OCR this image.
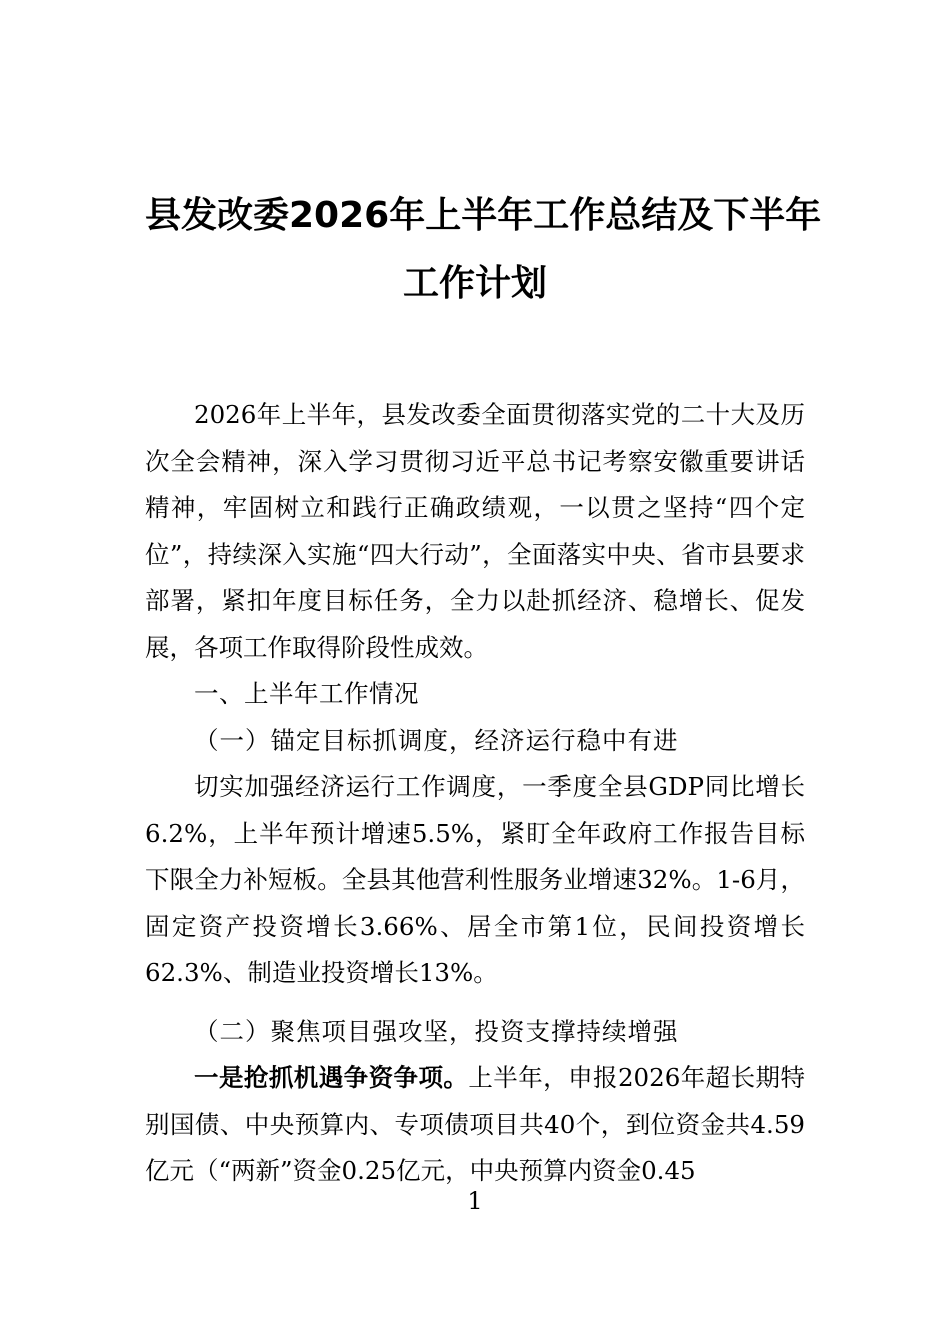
县发改委2026年上半年工作总结及下半年
工作计划

2026年上半年，县发改委全面贯彻落实党的二十大及历次全会精神，深入学习贯彻习近平总书记考察安徽重要讲话精神，牢固树立和践行正确政绩观，一以贯之坚持“四个定位”，持续深入实施“四大行动”，全面落实中央、省市县要求部署，紧扣年度目标任务，全力以赴抓经济、稳增长、促发展，各项工作取得阶段性成效。

一、上半年工作情况

（一）锚定目标抓调度，经济运行稳中有进

切实加强经济运行工作调度，一季度全县GDP同比增长6.2%，上半年预计增速5.5%，紧盯全年政府工作报告目标下限全力补短板。全县其他营利性服务业增速32%。1-6月，固定资产投资增长3.66%、居全市第1位，民间投资增长62.3%、制造业投资增长13%。

（二）聚焦项目强攻坚，投资支撑持续增强

一是抢抓机遇争资争项。上半年，申报2026年超长期特别国债、中央预算内、专项债项目共40个，到位资金共4.59亿元（“两新”资金0.25亿元，中央预算内资金0.45

1
